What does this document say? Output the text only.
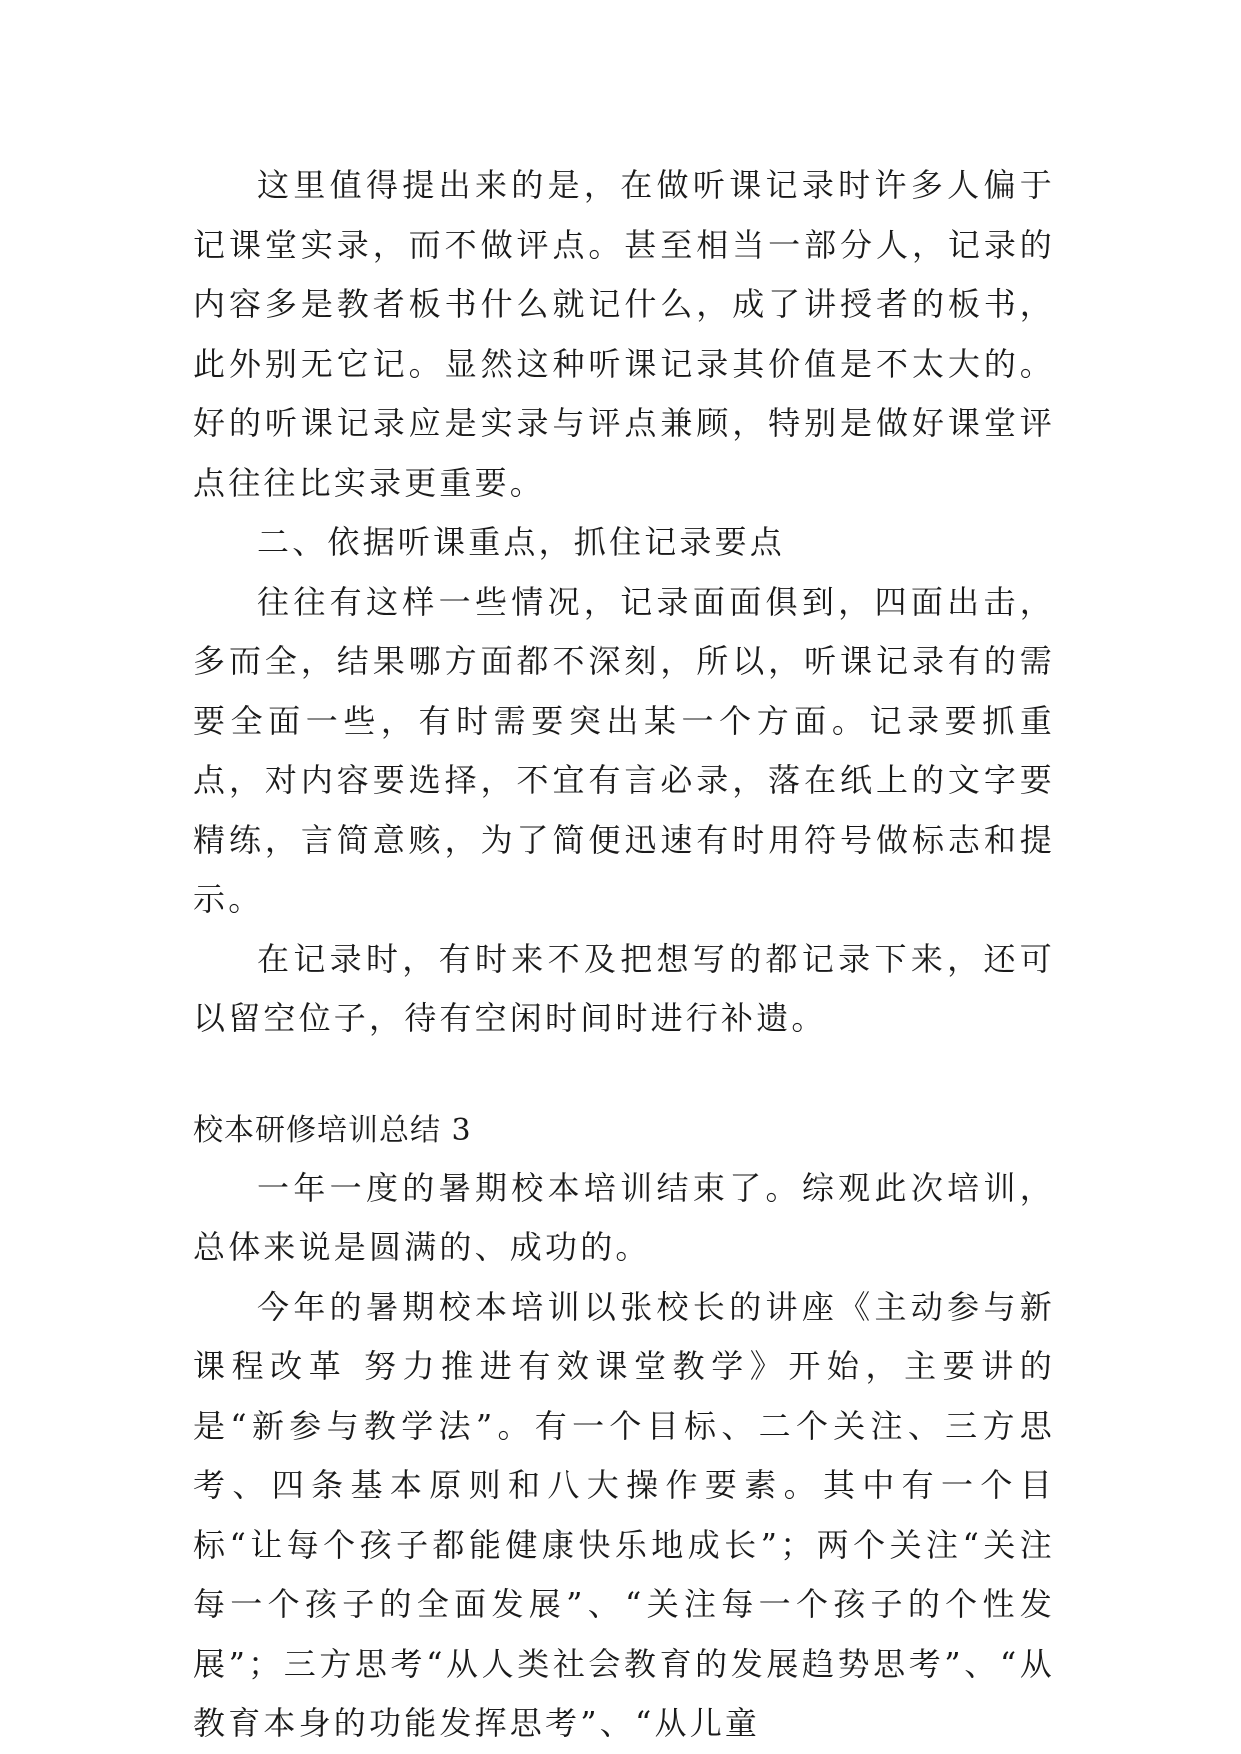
这里值得提出来的是，在做听课记录时许多人偏于记课堂实录，而不做评点。甚至相当一部分人，记录的内容多是教者板书什么就记什么，成了讲授者的板书，此外别无它记。显然这种听课记录其价值是不太大的。好的听课记录应是实录与评点兼顾，特别是做好课堂评点往往比实录更重要。

二、依据听课重点，抓住记录要点

往往有这样一些情况，记录面面俱到，四面出击，多而全，结果哪方面都不深刻，所以，听课记录有的需要全面一些，有时需要突出某一个方面。记录要抓重点，对内容要选择，不宜有言必录，落在纸上的文字要精练，言简意赅，为了简便迅速有时用符号做标志和提示。

在记录时，有时来不及把想写的都记录下来，还可以留空位子，待有空闲时间时进行补遗。

校本研修培训总结 3

一年一度的暑期校本培训结束了。综观此次培训，总体来说是圆满的、成功的。

今年的暑期校本培训以张校长的讲座《主动参与新课程改革 努力推进有效课堂教学》开始，主要讲的是“新参与教学法”。有一个目标、二个关注、三方思考、四条基本原则和八大操作要素。其中有一个目标“让每个孩子都能健康快乐地成长”；两个关注“关注每一个孩子的全面发展”、“关注每一个孩子的个性发展”；三方思考“从人类社会教育的发展趋势思考”、“从教育本身的功能发挥思考”、“从儿童
